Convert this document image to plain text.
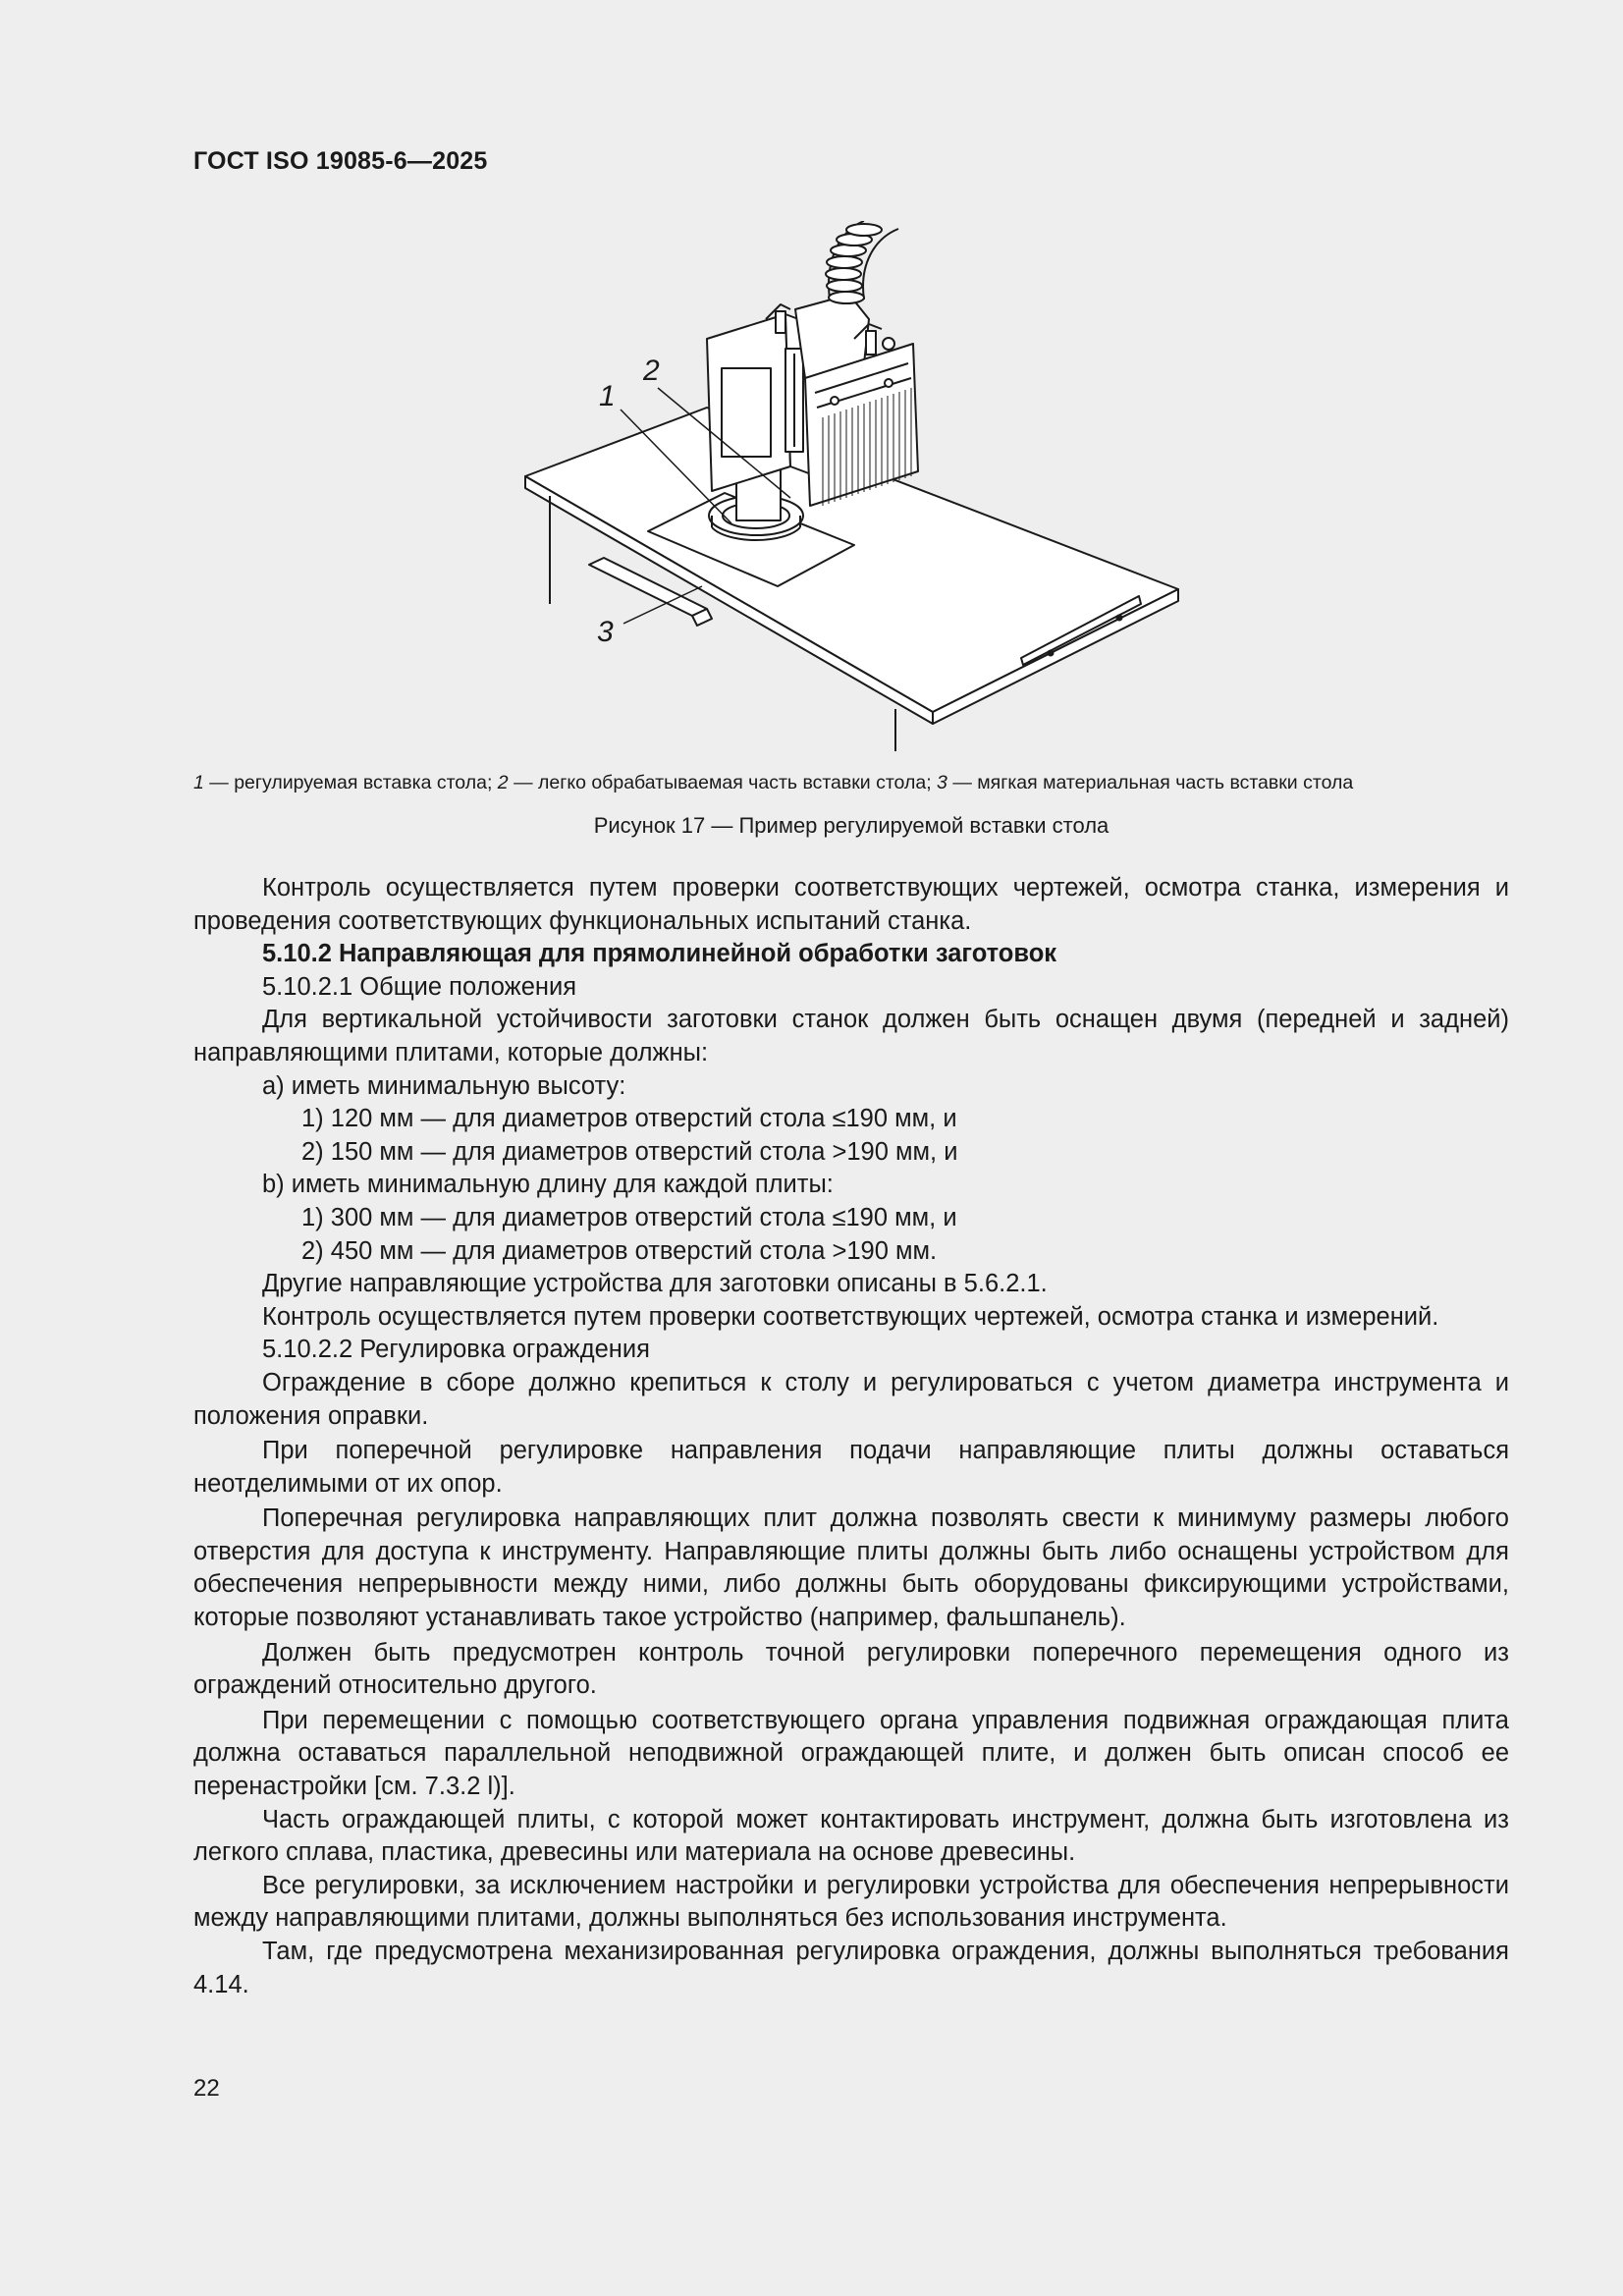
ГОСТ ISO 19085-6—2025
1
2
3
1 — регулируемая вставка стола; 2 — легко обрабатываемая часть вставки стола; 3 — мягкая материальная часть вставки стола
Рисунок 17 — Пример регулируемой вставки стола
Контроль осуществляется путем проверки соответствующих чертежей, осмотра станка, измерения и проведения соответствующих функциональных испытаний станка.
5.10.2 Направляющая для прямолинейной обработки заготовок
5.10.2.1 Общие положения
Для вертикальной устойчивости заготовки станок должен быть оснащен двумя (передней и задней) направляющими плитами, которые должны:
a) иметь минимальную высоту:
1) 120 мм — для диаметров отверстий стола ≤190 мм, и
2) 150 мм — для диаметров отверстий стола >190 мм, и
b) иметь минимальную длину для каждой плиты:
1) 300 мм — для диаметров отверстий стола ≤190 мм, и
2) 450 мм — для диаметров отверстий стола >190 мм.
Другие направляющие устройства для заготовки описаны в 5.6.2.1.
Контроль осуществляется путем проверки соответствующих чертежей, осмотра станка и измерений.
5.10.2.2 Регулировка ограждения
Ограждение в сборе должно крепиться к столу и регулироваться с учетом диаметра инструмента и положения оправки.
При поперечной регулировке направления подачи направляющие плиты должны оставаться неотделимыми от их опор.
Поперечная регулировка направляющих плит должна позволять свести к минимуму размеры любого отверстия для доступа к инструменту. Направляющие плиты должны быть либо оснащены устройством для обеспечения непрерывности между ними, либо должны быть оборудованы фиксирующими устройствами, которые позволяют устанавливать такое устройство (например, фальшпанель).
Должен быть предусмотрен контроль точной регулировки поперечного перемещения одного из ограждений относительно другого.
При перемещении с помощью соответствующего органа управления подвижная ограждающая плита должна оставаться параллельной неподвижной ограждающей плите, и должен быть описан способ ее перенастройки [см. 7.3.2 l)].
Часть ограждающей плиты, с которой может контактировать инструмент, должна быть изготовлена из легкого сплава, пластика, древесины или материала на основе древесины.
Все регулировки, за исключением настройки и регулировки устройства для обеспечения непрерывности между направляющими плитами, должны выполняться без использования инструмента.
Там, где предусмотрена механизированная регулировка ограждения, должны выполняться требования 4.14.
22
